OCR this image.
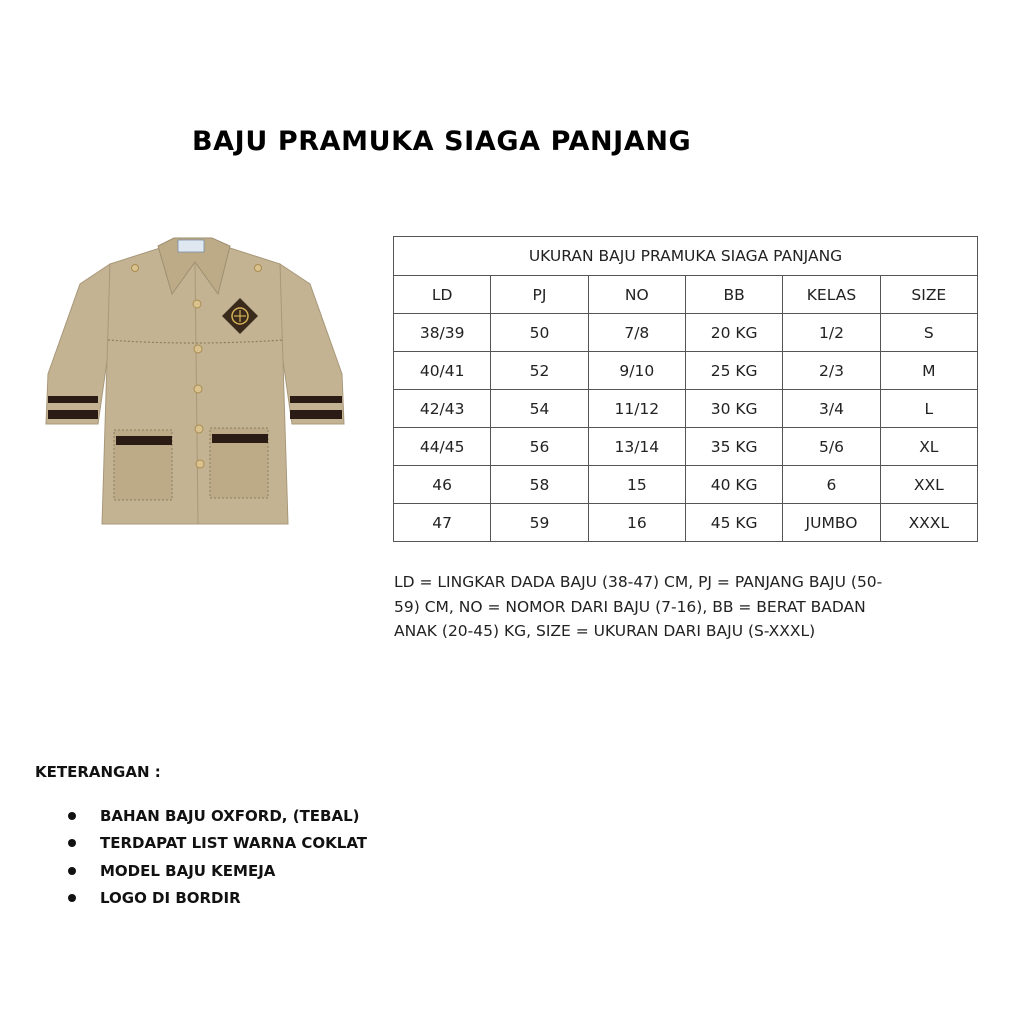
BAJU PRAMUKA SIAGA PANJANG
UKURAN BAJU PRAMUKA SIAGA PANJANG					
LD	PJ	NO	BB	KELAS	SIZE
38/39	50	7/8	20 KG	1/2	S
40/41	52	9/10	25 KG	2/3	M
42/43	54	11/12	30 KG	3/4	L
44/45	56	13/14	35 KG	5/6	XL
46	58	15	40 KG	6	XXL
47	59	16	45 KG	JUMBO	XXXL
LD = LINGKAR DADA BAJU (38-47) CM, PJ = PANJANG BAJU (50-59) CM, NO = NOMOR DARI BAJU (7-16), BB = BERAT BADAN ANAK (20-45) KG, SIZE = UKURAN DARI BAJU (S-XXXL)
KETERANGAN :
BAHAN BAJU OXFORD, (TEBAL)
TERDAPAT LIST WARNA COKLAT
MODEL BAJU KEMEJA
LOGO DI BORDIR
